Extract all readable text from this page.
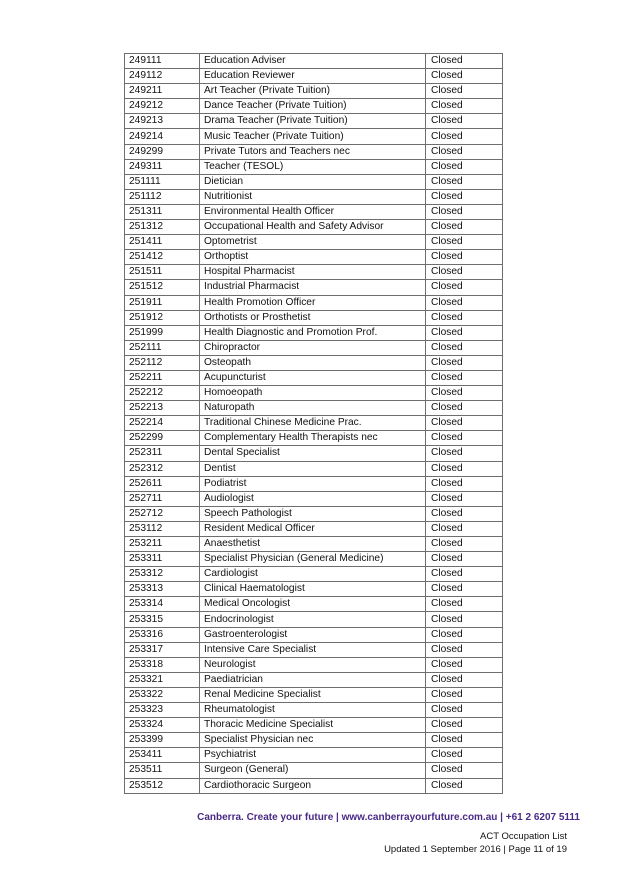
249111	Education Adviser	Closed
249112	Education Reviewer	Closed
249211	Art Teacher (Private Tuition)	Closed
249212	Dance Teacher (Private Tuition)	Closed
249213	Drama Teacher (Private Tuition)	Closed
249214	Music Teacher (Private Tuition)	Closed
249299	Private Tutors and Teachers nec	Closed
249311	Teacher (TESOL)	Closed
251111	Dietician	Closed
251112	Nutritionist	Closed
251311	Environmental Health Officer	Closed
251312	Occupational Health and Safety Advisor	Closed
251411	Optometrist	Closed
251412	Orthoptist	Closed
251511	Hospital Pharmacist	Closed
251512	Industrial Pharmacist	Closed
251911	Health Promotion Officer	Closed
251912	Orthotists or Prosthetist	Closed
251999	Health Diagnostic and Promotion Prof.	Closed
252111	Chiropractor	Closed
252112	Osteopath	Closed
252211	Acupuncturist	Closed
252212	Homoeopath	Closed
252213	Naturopath	Closed
252214	Traditional Chinese Medicine Prac.	Closed
252299	Complementary Health Therapists nec	Closed
252311	Dental Specialist	Closed
252312	Dentist	Closed
252611	Podiatrist	Closed
252711	Audiologist	Closed
252712	Speech Pathologist	Closed
253112	Resident Medical Officer	Closed
253211	Anaesthetist	Closed
253311	Specialist Physician (General Medicine)	Closed
253312	Cardiologist	Closed
253313	Clinical Haematologist	Closed
253314	Medical Oncologist	Closed
253315	Endocrinologist	Closed
253316	Gastroenterologist	Closed
253317	Intensive Care Specialist	Closed
253318	Neurologist	Closed
253321	Paediatrician	Closed
253322	Renal Medicine Specialist	Closed
253323	Rheumatologist	Closed
253324	Thoracic Medicine Specialist	Closed
253399	Specialist Physician nec	Closed
253411	Psychiatrist	Closed
253511	Surgeon (General)	Closed
253512	Cardiothoracic Surgeon	Closed
Canberra. Create your future | www.canberrayourfuture.com.au | +61 2 6207 5111
ACT Occupation List
Updated 1 September 2016 | Page 11 of 19
